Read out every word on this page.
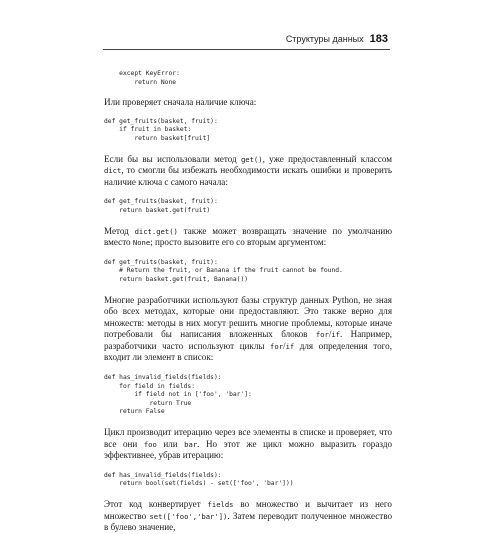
Структуры данных 183
except KeyError:
return None

Или проверяет сначала наличие ключа:

def get_fruits(basket, fruit):
if fruit in basket:
return basket[fruit]

Если бы вы использовали метод get(), уже предоставленный классом dict, то смогли бы избежать необходимости искать ошибки и проверить наличие ключа с самого начала:

def get_fruits(basket, fruit):
return basket.get(fruit)

Метод dict.get() также может возвращать значение по умолчанию вместо None; просто вызовите его со вторым аргументом:

def get_fruits(basket, fruit):
# Return the fruit, or Banana if the fruit cannot be found.
return basket.get(fruit, Banana())

Многие разработчики используют базы структур данных Python, не зная обо всех методах, которые они предоставляют. Это также верно для множеств: методы в них могут решить многие проблемы, которые иначе потребовали бы написания вложенных блоков for/if. Например, разработчики часто используют циклы for/if для определения того, входит ли элемент в список:

def has_invalid_fields(fields):
for field in fields:
if field not in ['foo', 'bar']:
return True
return False

Цикл производит итерацию через все элементы в списке и проверяет, что все они foo или bar. Но этот же цикл можно выразить гораздо эффективнее, убрав итерацию:

def has_invalid_fields(fields):
return bool(set(fields) - set(['foo', 'bar']))

Этот код конвертирует fields во множество и вычитает из него множество set(['foo','bar']). Затем переводит полученное множество в булево значение,
